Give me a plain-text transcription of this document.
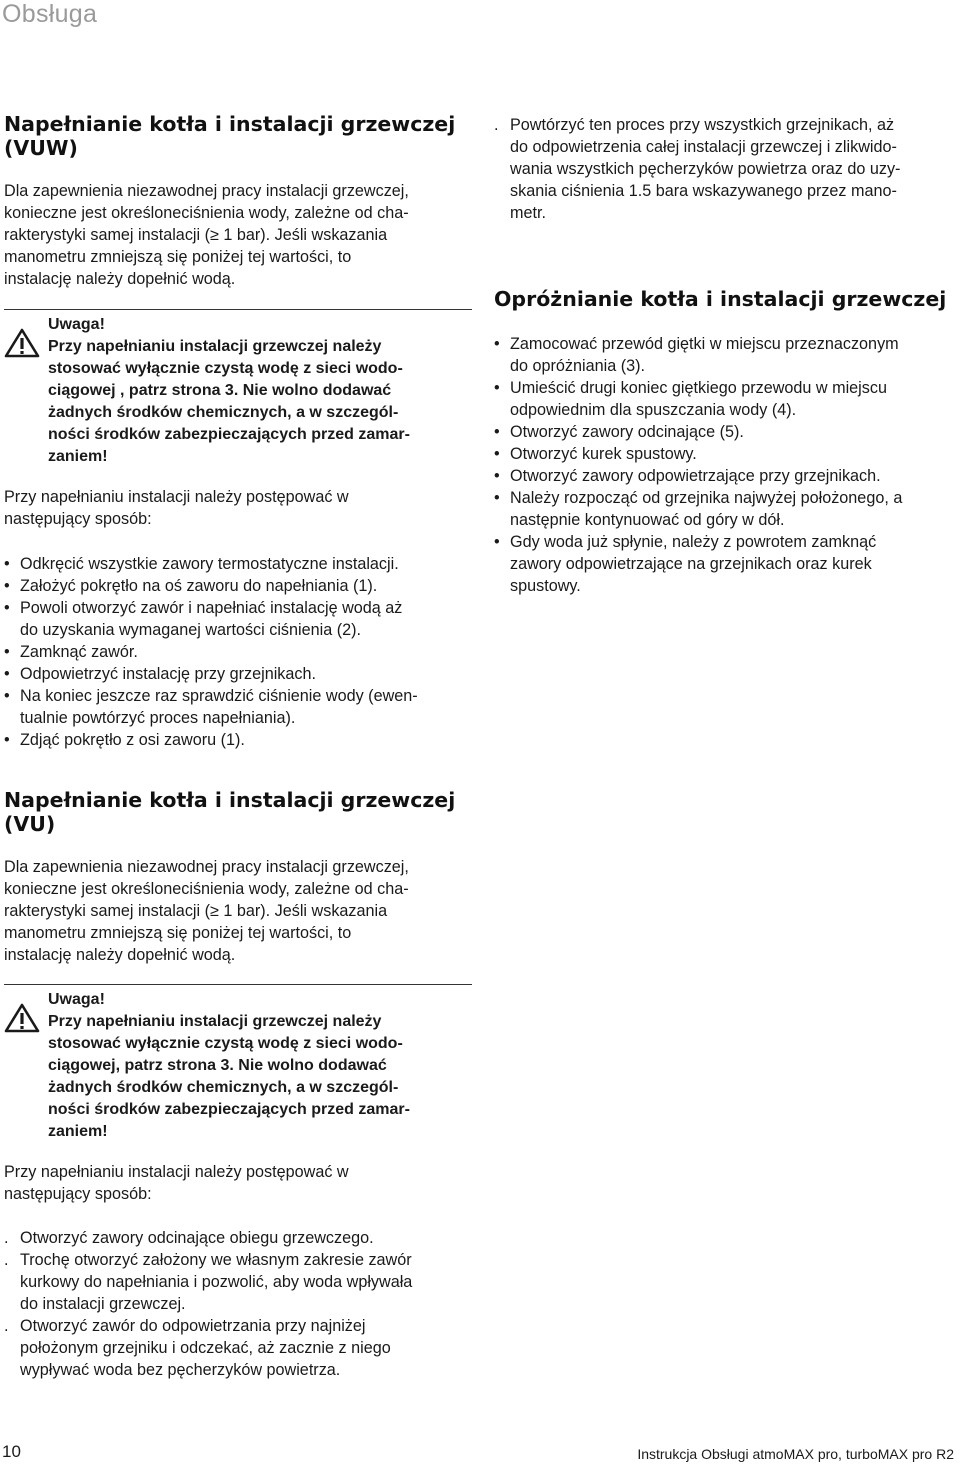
Obsługa
Napełnianie kotła i instalacji grzewczej
(VUW)

Dla zapewnienia niezawodnej pracy instalacji grzewczej,
konieczne jest określoneciśnienia wody, zależne od cha-
rakterystyki samej instalacji (≥ 1 bar). Jeśli wskazania
manometru zmniejszą się poniżej tej wartości, to
instalację należy dopełnić wodą.

Uwaga!
Przy napełnianiu instalacji grzewczej należy
stosować wyłącznie czystą wodę z sieci wodo-
ciągowej , patrz strona 3. Nie wolno dodawać
żadnych środków chemicznych, a w szczegól-
ności środków zabezpieczających przed zamar-
zaniem!

Przy napełnianiu instalacji należy postępować w
następujący sposób:

• Odkręcić wszystkie zawory termostatyczne instalacji.
• Założyć pokrętło na oś zaworu do napełniania (1).
• Powoli otworzyć zawór i napełniać instalację wodą aż
do uzyskania wymaganej wartości ciśnienia (2).
• Zamknąć zawór.
• Odpowietrzyć instalację przy grzejnikach.
• Na koniec jeszcze raz sprawdzić ciśnienie wody (ewen-
tualnie powtórzyć proces napełniania).
• Zdjąć pokrętło z osi zaworu (1).
Napełnianie kotła i instalacji grzewczej
(VU)

Dla zapewnienia niezawodnej pracy instalacji grzewczej,
konieczne jest określoneciśnienia wody, zależne od cha-
rakterystyki samej instalacji (≥ 1 bar). Jeśli wskazania
manometru zmniejszą się poniżej tej wartości, to
instalację należy dopełnić wodą.

Uwaga!
Przy napełnianiu instalacji grzewczej należy
stosować wyłącznie czystą wodę z sieci wodo-
ciągowej, patrz strona 3. Nie wolno dodawać
żadnych środków chemicznych, a w szczegól-
ności środków zabezpieczających przed zamar-
zaniem!

Przy napełnianiu instalacji należy postępować w
następujący sposób:

. Otworzyć zawory odcinające obiegu grzewczego.
. Trochę otworzyć założony we własnym zakresie zawór
kurkowy do napełniania i pozwolić, aby woda wpływała
do instalacji grzewczej.
. Otworzyć zawór do odpowietrzania przy najniżej
położonym grzejniku i odczekać, aż zacznie z niego
wypływać woda bez pęcherzyków powietrza.
. Powtórzyć ten proces przy wszystkich grzejnikach, aż
do odpowietrzenia całej instalacji grzewczej i zlikwido-
wania wszystkich pęcherzyków powietrza oraz do uzy-
skania ciśnienia 1.5 bara wskazywanego przez mano-
metr.
Opróżnianie kotła i instalacji grzewczej
• Zamocować przewód giętki w miejscu przeznaczonym
do opróżniania (3).
• Umieścić drugi koniec giętkiego przewodu w miejscu
odpowiednim dla spuszczania wody (4).
• Otworzyć zawory odcinające (5).
• Otworzyć kurek spustowy.
• Otworzyć zawory odpowietrzające przy grzejnikach.
• Należy rozpocząć od grzejnika najwyżej położonego, a
następnie kontynuować od góry w dół.
• Gdy woda już spłynie, należy z powrotem zamknąć
zawory odpowietrzające na grzejnikach oraz kurek
spustowy.
10	Instrukcja Obsługi atmoMAX pro, turboMAX pro R2
